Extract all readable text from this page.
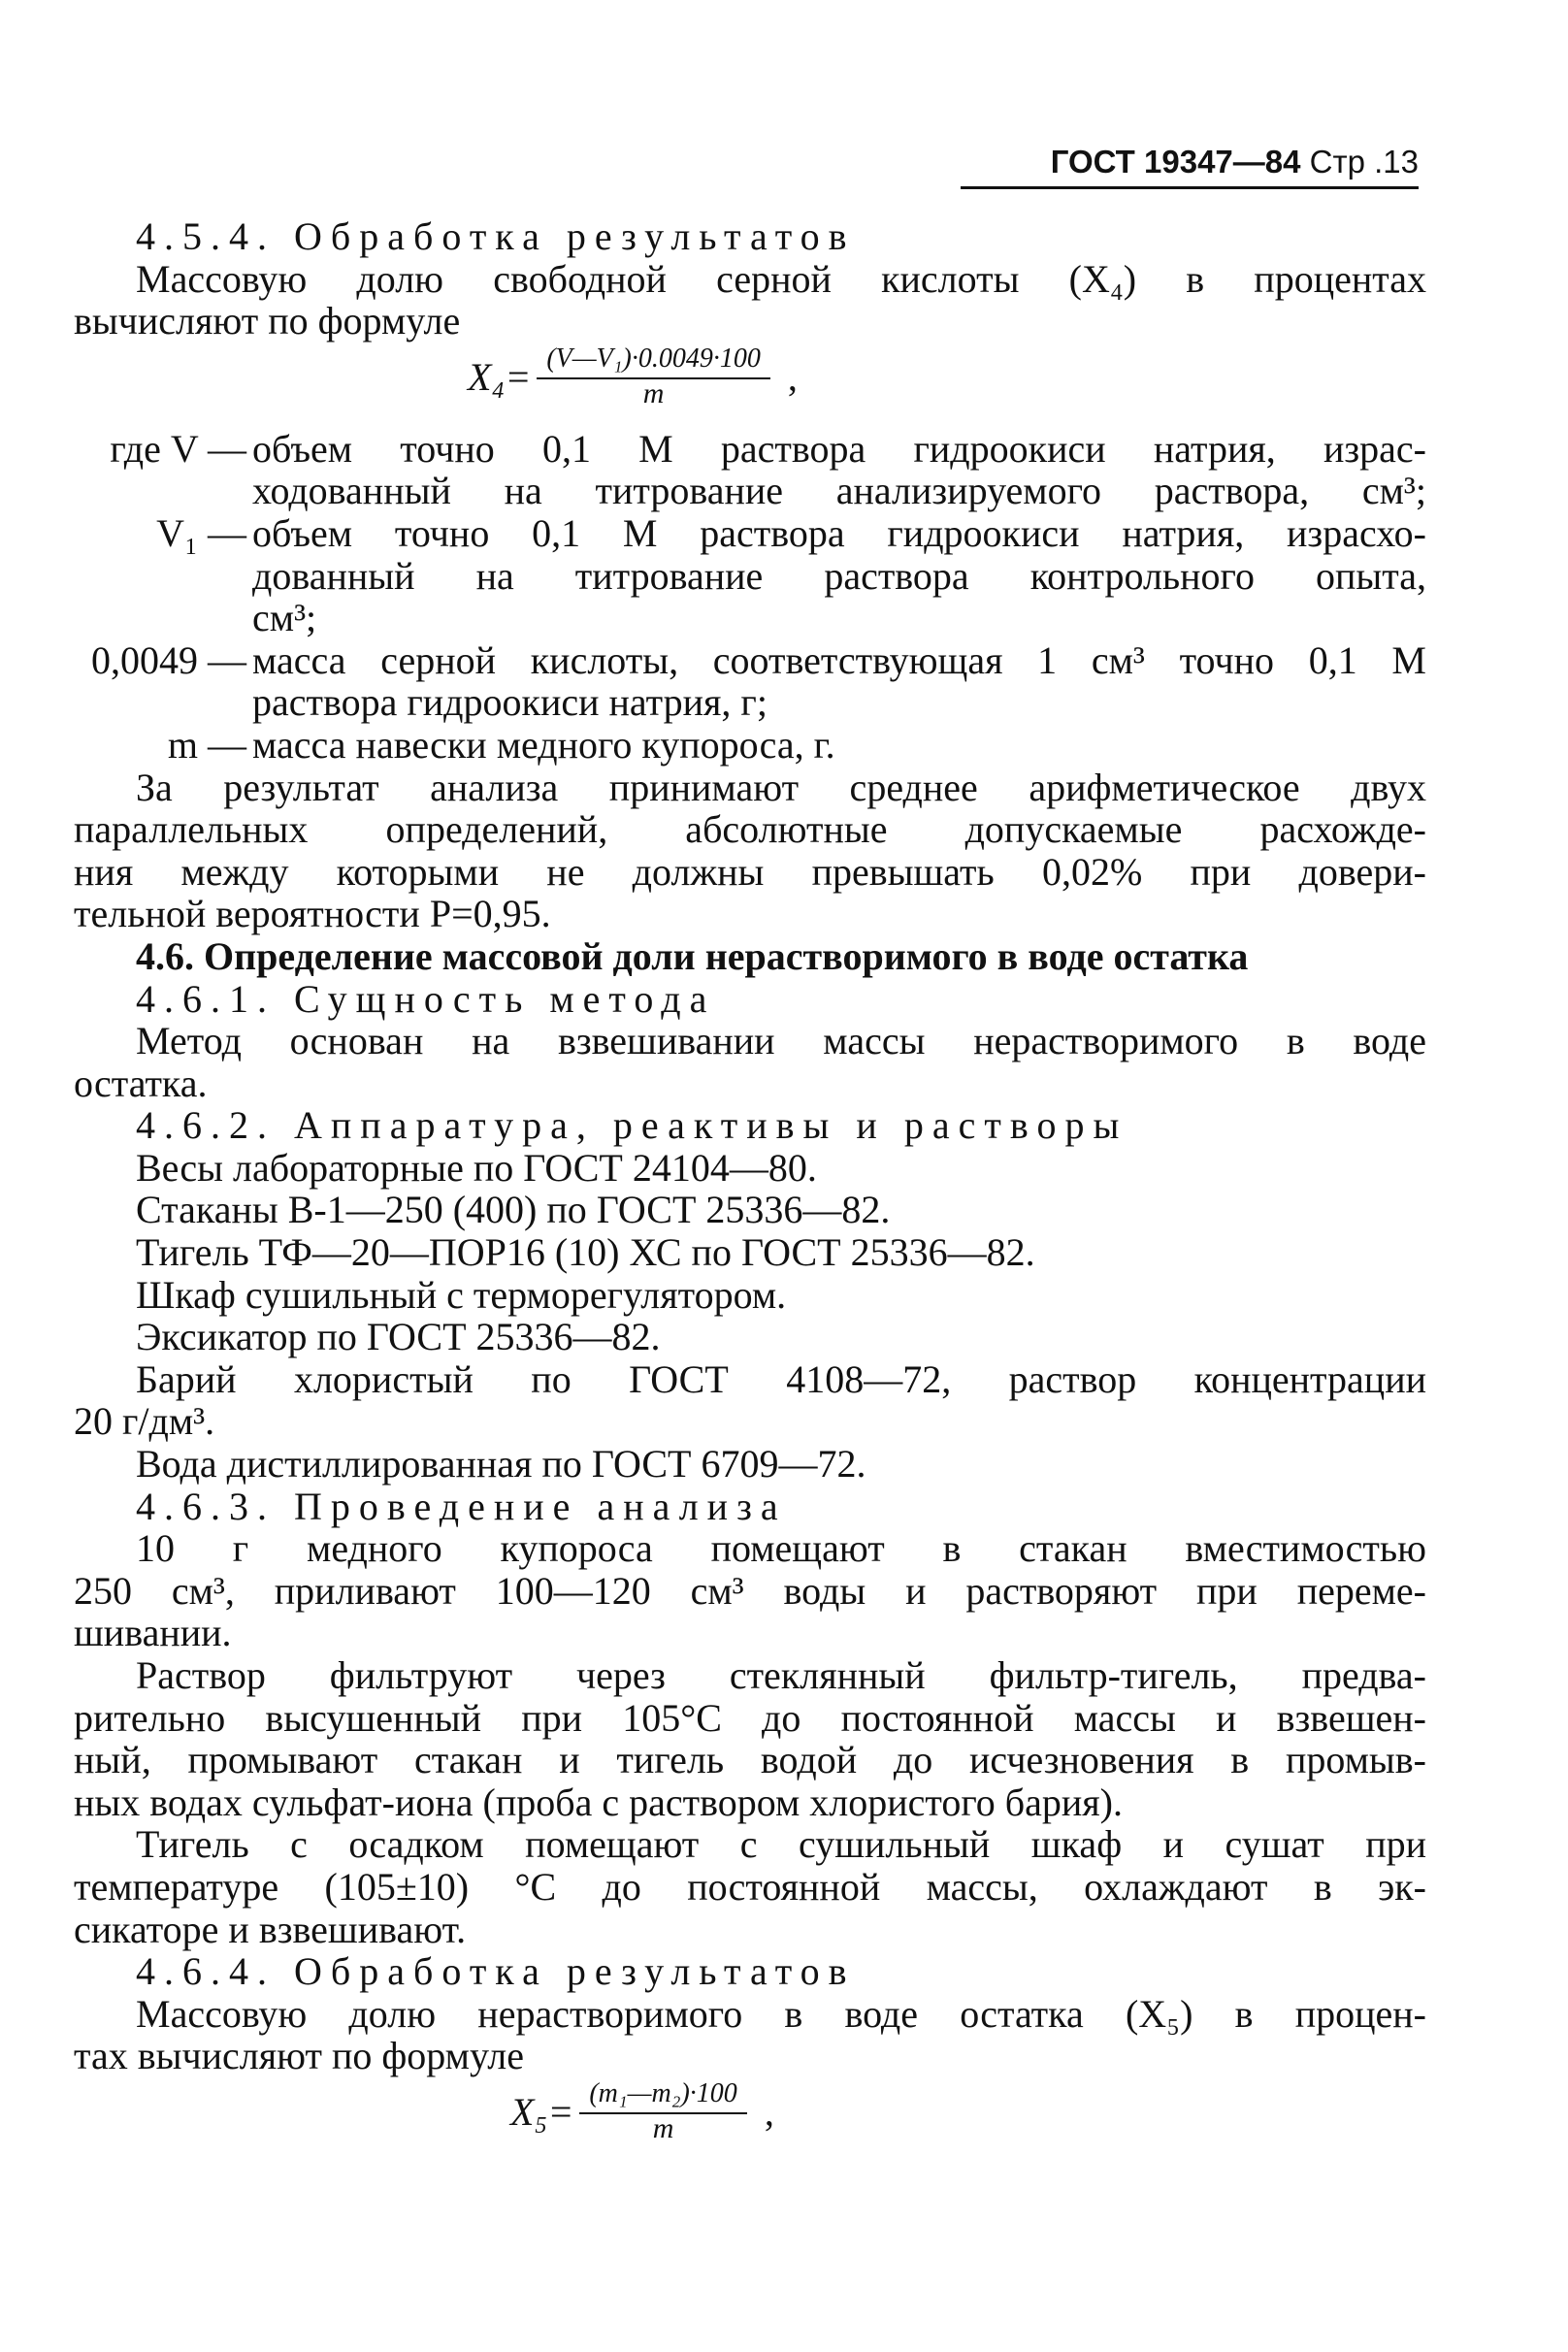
ГОСТ 19347—84 Стр .13

4.5.4. Обработка результатов

Массовую долю свободной серной кислоты (X₄) в процентах

вычисляют по формуле

$X_4= \frac{\text{(V—V₁)·0.0049·100}}{m}$ ,
где V — объем точно 0,1 М раствора гидроокиси натрия, израс-

ходованный на титрование анализируемого раствора, см³;

V₁ — объем точно 0,1 М раствора гидроокиси натрия, израсхо-

дованный на титрование раствора контрольного опыта,

см³;

0,0049 — масса серной кислоты, соответствующая 1 см³ точно 0,1 М

раствора гидроокиси натрия, г;

m — масса навески медного купороса, г.

За результат анализа принимают среднее арифметическое двух

параллельных определений, абсолютные допускаемые расхожде-

ния между которыми не должны превышать 0,02% при довери-

тельной вероятности P=0,95.

4.6. Определение массовой доли нерастворимого в воде остатка

4.6.1. Сущность метода

Метод основан на взвешивании массы нерастворимого в воде

остатка.

4.6.2. Аппаратура, реактивы и растворы

Весы лабораторные по ГОСТ 24104—80.

Стаканы В-1—250 (400) по ГОСТ 25336—82.

Тигель ТФ—20—ПОР16 (10) ХС по ГОСТ 25336—82.

Шкаф сушильный с терморегулятором.

Эксикатор по ГОСТ 25336—82.

Барий хлористый по ГОСТ 4108—72, раствор концентрации

20 г/дм³.

Вода дистиллированная по ГОСТ 6709—72.

4.6.3. Проведение анализа

10 г медного купороса помещают в стакан вместимостью

250 см³, приливают 100—120 см³ воды и растворяют при переме-

шивании.

Раствор фильтруют через стеклянный фильтр-тигель, предва-

рительно высушенный при 105°С до постоянной массы и взвешен-

ный, промывают стакан и тигель водой до исчезновения в промыв-

ных водах сульфат-иона (проба с раствором хлористого бария).

Тигель с осадком помещают с сушильный шкаф и сушат при

температуре (105±10) °С до постоянной массы, охлаждают в эк-

сикаторе и взвешивают.

4.6.4. Обработка результатов

Массовую долю нерастворимого в воде остатка (X₅) в процен-

тах вычисляют по формуле

$X_5= \frac{\text{(m₁—m₂)·100}}{m}$ ,
